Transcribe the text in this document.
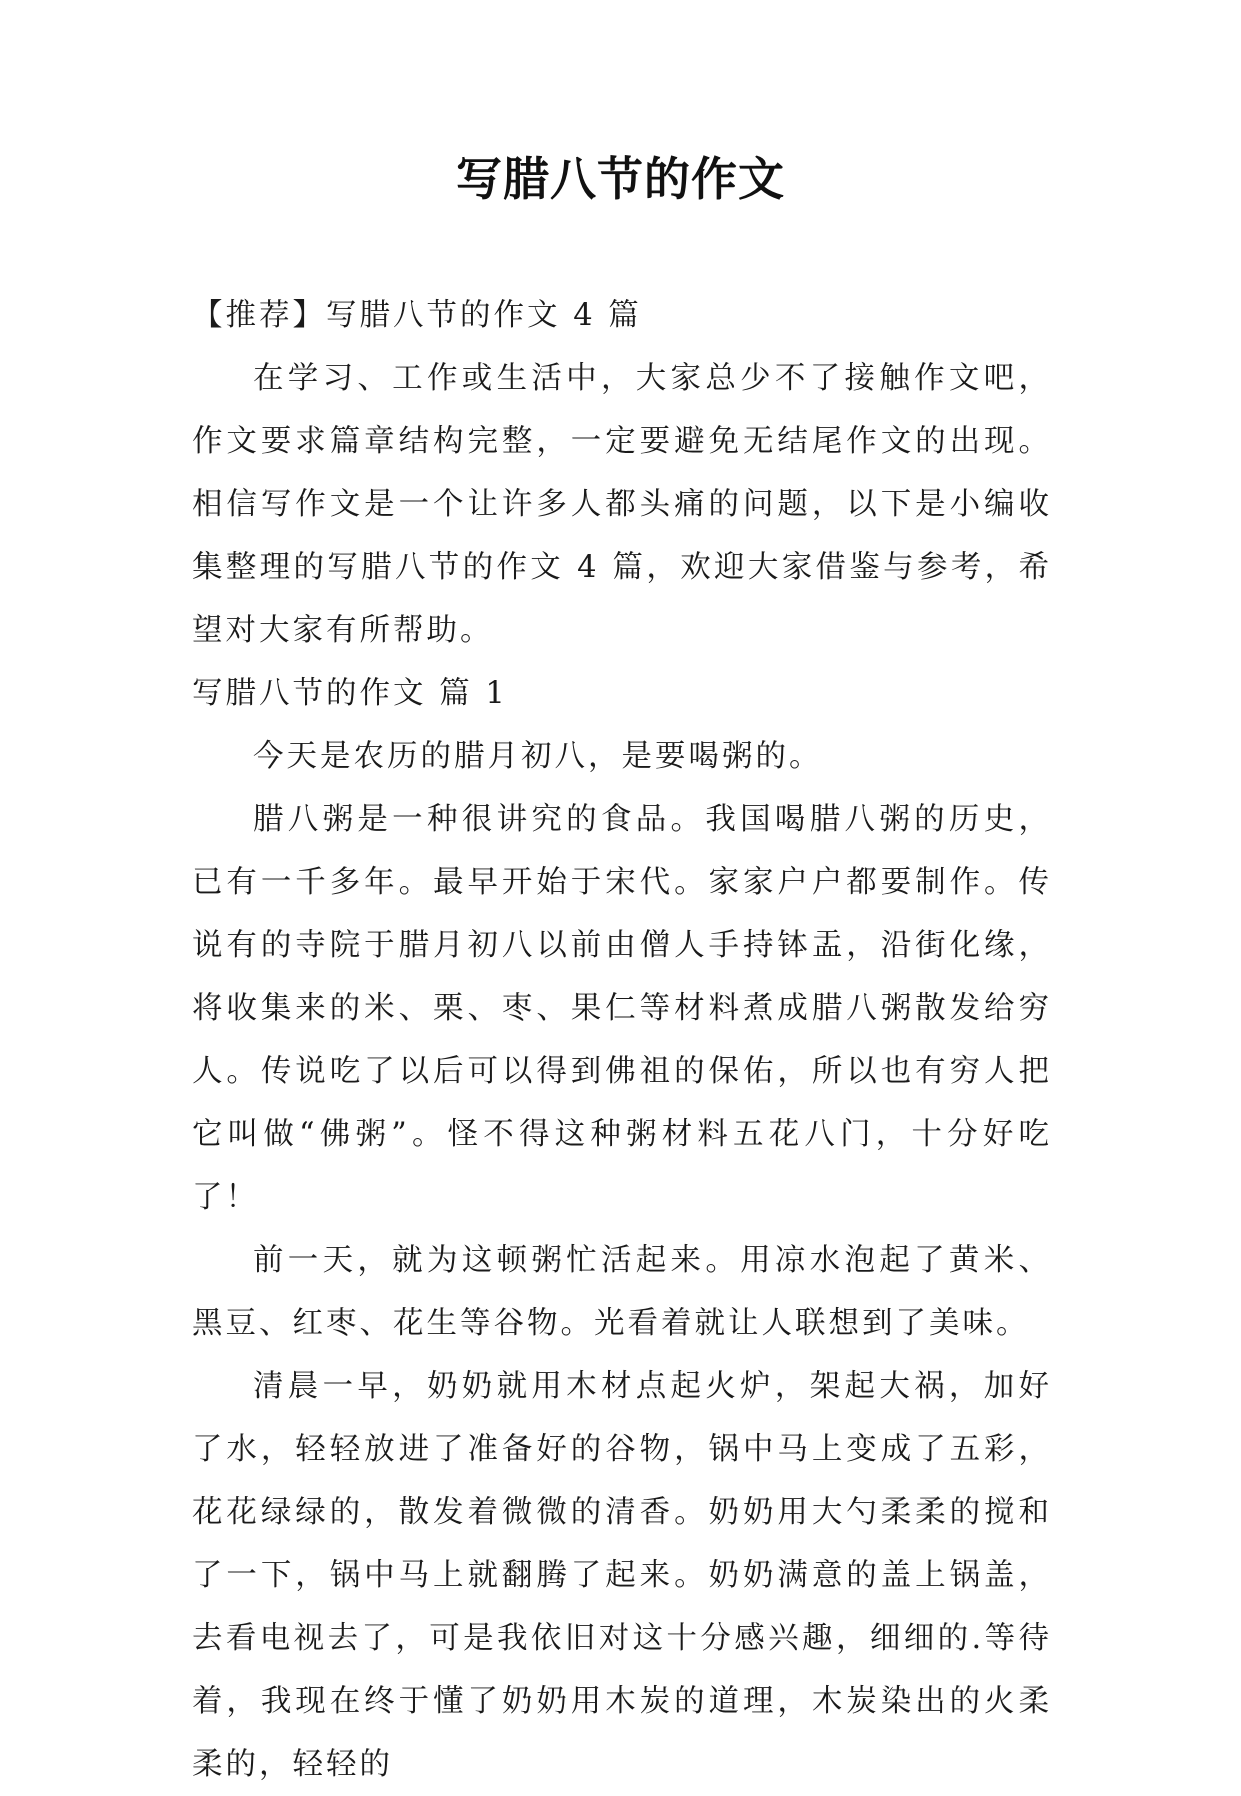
写腊八节的作文

【推荐】写腊八节的作文 4 篇

在学习、工作或生活中，大家总少不了接触作文吧，作文要求篇章结构完整，一定要避免无结尾作文的出现。相信写作文是一个让许多人都头痛的问题，以下是小编收集整理的写腊八节的作文 4 篇，欢迎大家借鉴与参考，希望对大家有所帮助。

写腊八节的作文 篇 1

今天是农历的腊月初八，是要喝粥的。

腊八粥是一种很讲究的食品。我国喝腊八粥的历史，已有一千多年。最早开始于宋代。家家户户都要制作。传说有的寺院于腊月初八以前由僧人手持钵盂，沿街化缘，将收集来的米、栗、枣、果仁等材料煮成腊八粥散发给穷人。传说吃了以后可以得到佛祖的保佑，所以也有穷人把它叫做“佛粥”。怪不得这种粥材料五花八门，十分好吃了！

前一天，就为这顿粥忙活起来。用凉水泡起了黄米、黑豆、红枣、花生等谷物。光看着就让人联想到了美味。

清晨一早，奶奶就用木材点起火炉，架起大祸，加好了水，轻轻放进了准备好的谷物，锅中马上变成了五彩，花花绿绿的，散发着微微的清香。奶奶用大勺柔柔的搅和了一下，锅中马上就翻腾了起来。奶奶满意的盖上锅盖，去看电视去了，可是我依旧对这十分感兴趣，细细的.等待着，我现在终于懂了奶奶用木炭的道理，木炭染出的火柔柔的，轻轻的
